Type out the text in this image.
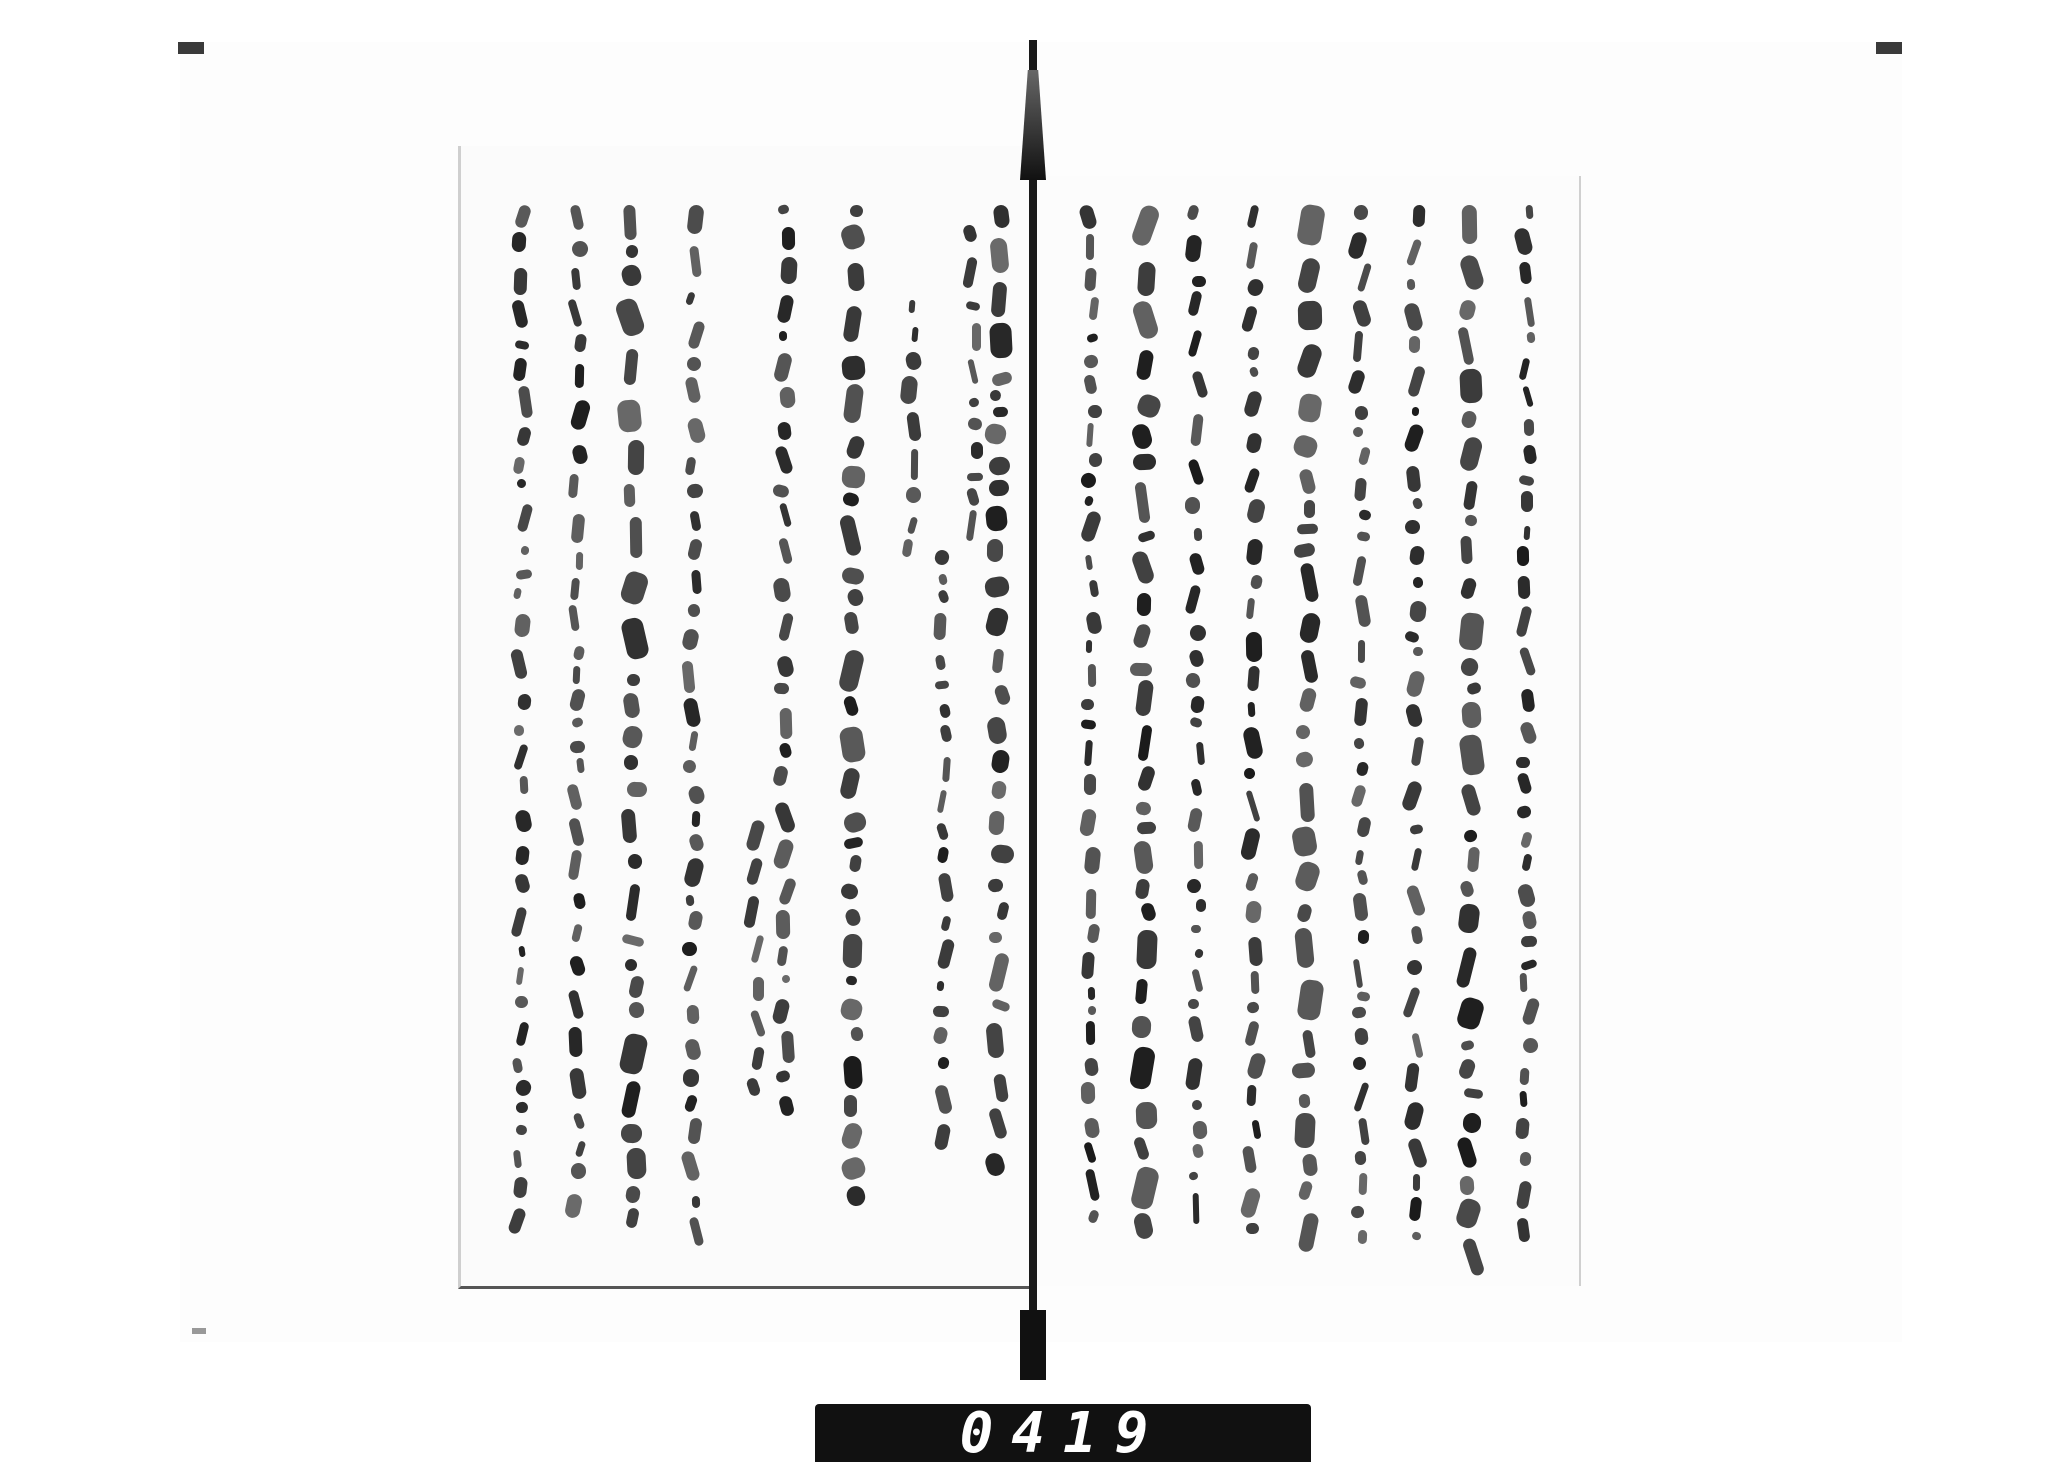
0419
